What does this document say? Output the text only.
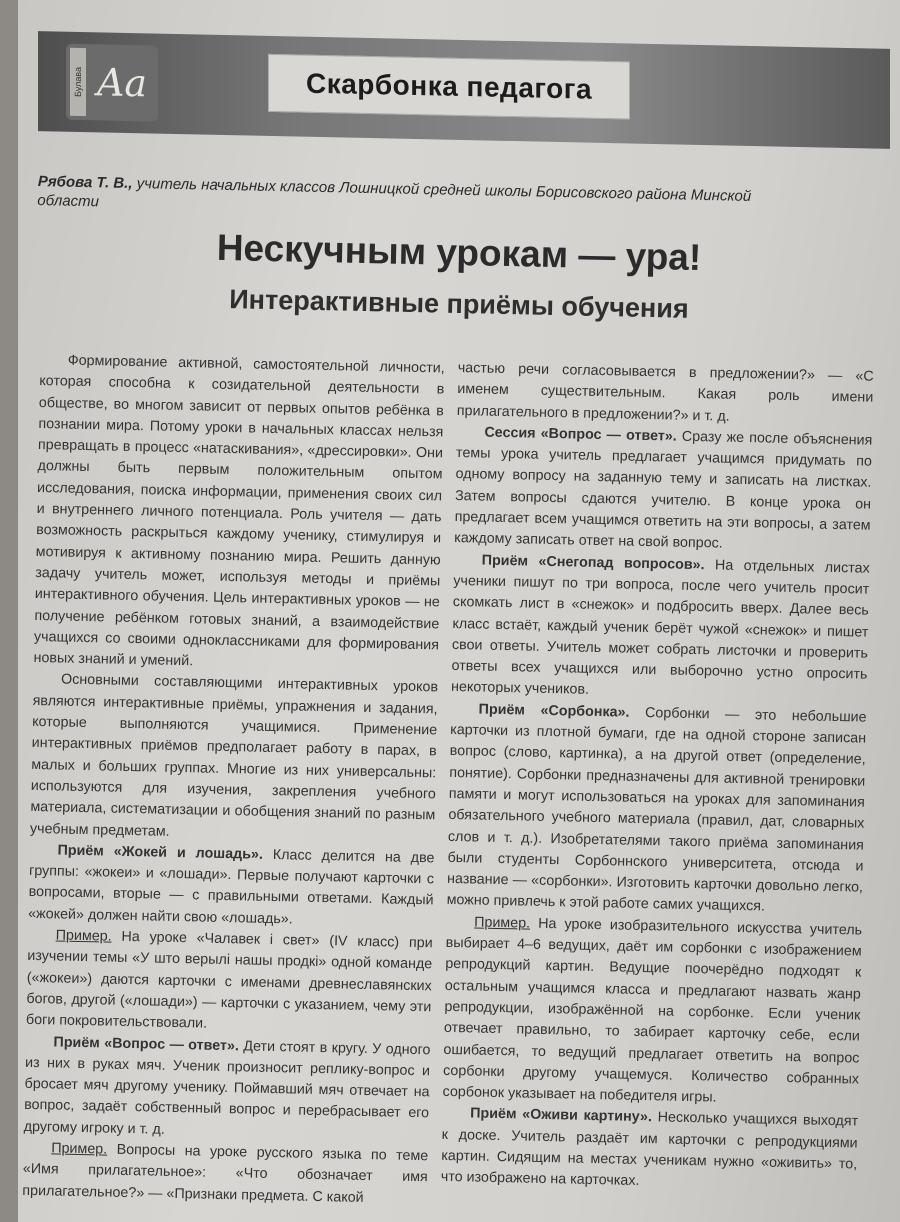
Булава Aa	Скарбонка педагога
Рябова Т. В., учитель начальных классов Лошницкой средней школы Борисовского района Минской области
Нескучным урокам — ура!
Интерактивные приёмы обучения

Формирование активной, самостоятельной личности, которая способна к созидательной деятельности в обществе, во многом зависит от первых опытов ребёнка в познании мира. Потому уроки в начальных классах нельзя превращать в процесс «натаскивания», «дрессировки». Они должны быть первым положительным опытом исследования, поиска информации, применения своих сил и внутреннего личного потенциала. Роль учителя — дать возможность раскрыться каждому ученику, стимулируя и мотивируя к активному познанию мира. Решить данную задачу учитель может, используя методы и приёмы интерактивного обучения. Цель интерактивных уроков — не получение ребёнком готовых знаний, а взаимодействие учащихся со своими одноклассниками для формирования новых знаний и умений.

Основными составляющими интерактивных уроков являются интерактивные приёмы, упражнения и задания, которые выполняются учащимися. Применение интерактивных приёмов предполагает работу в парах, в малых и больших группах. Многие из них универсальны: используются для изучения, закрепления учебного материала, систематизации и обобщения знаний по разным учебным предметам.

Приём «Жокей и лошадь». Класс делится на две группы: «жокеи» и «лошади». Первые получают карточки с вопросами, вторые — с правильными ответами. Каждый «жокей» должен найти свою «лошадь».

Пример. На уроке «Чалавек і свет» (IV класс) при изучении темы «У што верылі нашы продкі» одной команде («жокеи») даются карточки с именами древнеславянских богов, другой («лошади») — карточки с указанием, чему эти боги покровительствовали.

Приём «Вопрос — ответ». Дети стоят в кругу. У одного из них в руках мяч. Ученик произносит реплику-вопрос и бросает мяч другому ученику. Поймавший мяч отвечает на вопрос, задаёт собственный вопрос и перебрасывает его другому игроку и т. д.

Пример. Вопросы на уроке русского языка по теме «Имя прилагательное»: «Что обозначает имя прилагательное?» — «Признаки предмета. С какой

частью речи согласовывается в предложении?» — «С именем существительным. Какая роль имени прилагательного в предложении?» и т. д.

Сессия «Вопрос — ответ». Сразу же после объяснения темы урока учитель предлагает учащимся придумать по одному вопросу на заданную тему и записать на листках. Затем вопросы сдаются учителю. В конце урока он предлагает всем учащимся ответить на эти вопросы, а затем каждому записать ответ на свой вопрос.

Приём «Снегопад вопросов». На отдельных листах ученики пишут по три вопроса, после чего учитель просит скомкать лист в «снежок» и подбросить вверх. Далее весь класс встаёт, каждый ученик берёт чужой «снежок» и пишет свои ответы. Учитель может собрать листочки и проверить ответы всех учащихся или выборочно устно опросить некоторых учеников.

Приём «Сорбонка». Сорбонки — это небольшие карточки из плотной бумаги, где на одной стороне записан вопрос (слово, картинка), а на другой ответ (определение, понятие). Сорбонки предназначены для активной тренировки памяти и могут использоваться на уроках для запоминания обязательного учебного материала (правил, дат, словарных слов и т. д.). Изобретателями такого приёма запоминания были студенты Сорбоннского университета, отсюда и название — «сорбонки». Изготовить карточки довольно легко, можно привлечь к этой работе самих учащихся.

Пример. На уроке изобразительного искусства учитель выбирает 4–6 ведущих, даёт им сорбонки с изображением репродукций картин. Ведущие поочерёдно подходят к остальным учащимся класса и предлагают назвать жанр репродукции, изображённой на сорбонке. Если ученик отвечает правильно, то забирает карточку себе, если ошибается, то ведущий предлагает ответить на вопрос сорбонки другому учащемуся. Количество собранных сорбонок указывает на победителя игры.

Приём «Оживи картину». Несколько учащихся выходят к доске. Учитель раздаёт им карточки с репродукциями картин. Сидящим на местах ученикам нужно «оживить» то, что изображено на карточках.
